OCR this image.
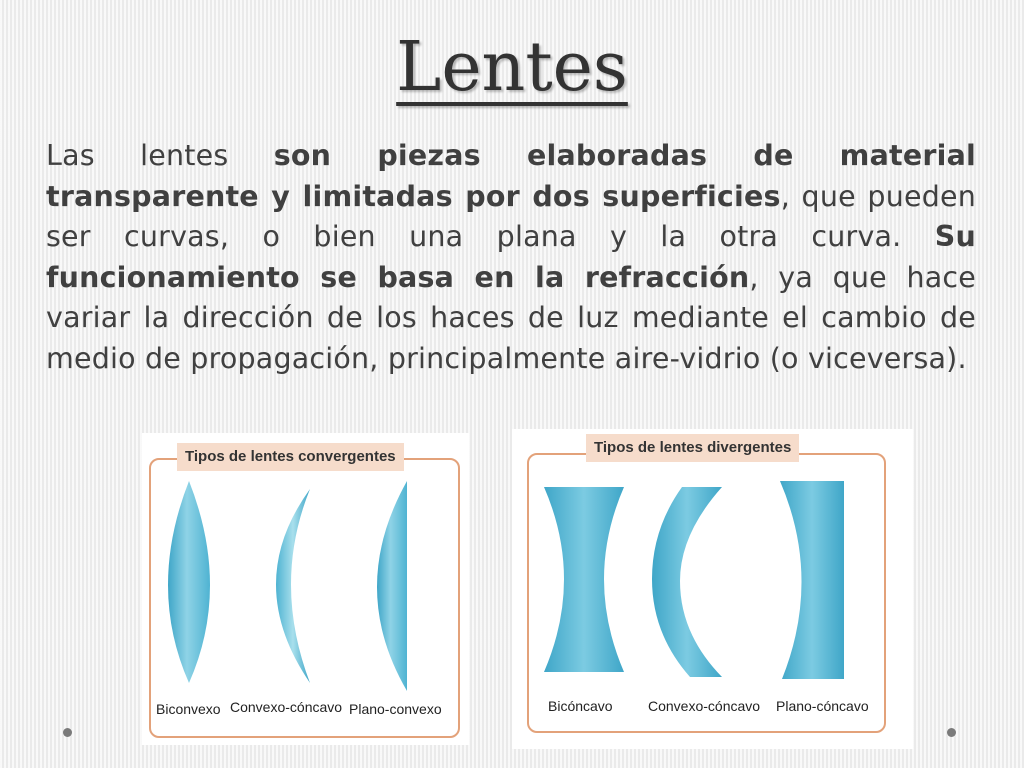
Lentes

Las lentes son piezas elaboradas de material transparente y limitadas por dos superficies, que pueden ser curvas, o bien una plana y la otra curva. Su funcionamiento se basa en la refracción, ya que hace variar la dirección de los haces de luz mediante el cambio de medio de propagación, principalmente aire-vidrio (o viceversa).

Tipos de lentes convergentes
Biconvexo Convexo-cóncavo Plano-convexo
Tipos de lentes divergentes
Bicóncavo	Convexo-cóncavo Plano-cóncavo
